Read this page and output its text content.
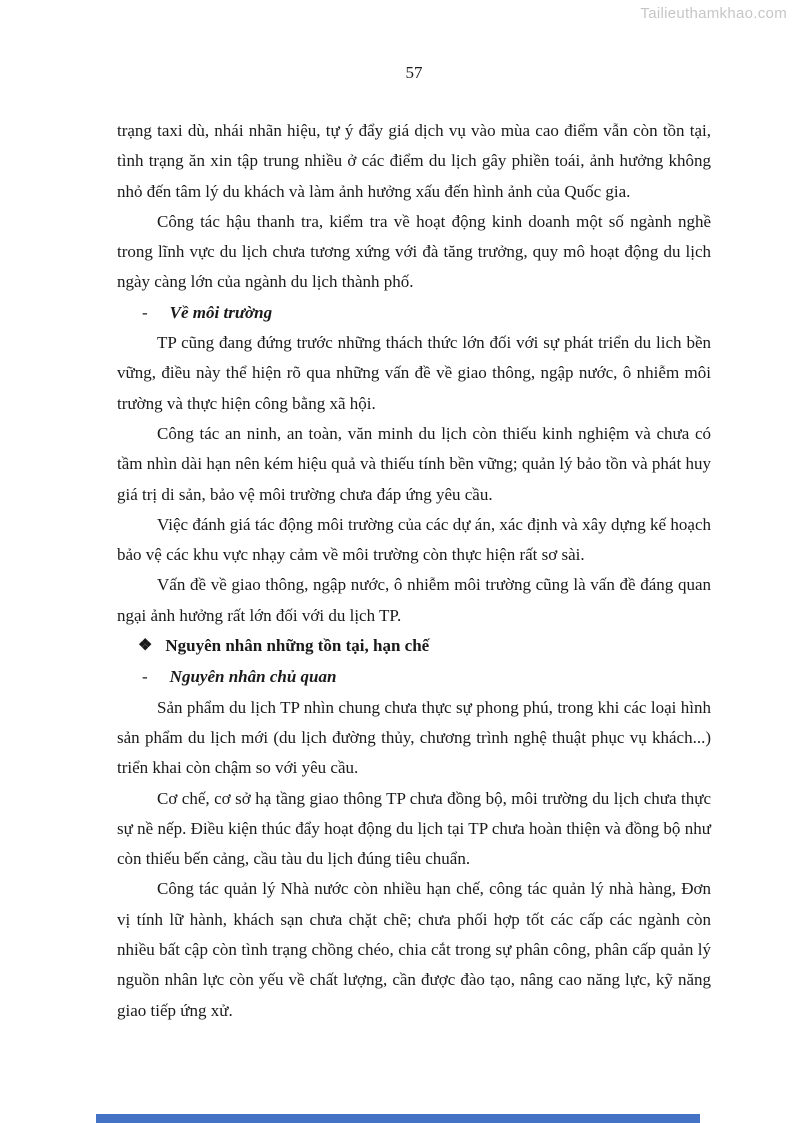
Tailieuthamkhao.com
57

trạng taxi dù, nhái nhãn hiệu, tự ý đẩy giá dịch vụ vào mùa cao điểm vẫn còn tồn tại, tình trạng ăn xin tập trung nhiều ở các điểm du lịch gây phiền toái, ảnh hưởng không nhỏ đến tâm lý du khách và làm ảnh hưởng xấu đến hình ảnh của Quốc gia.

Công tác hậu thanh tra, kiểm tra về hoạt động kinh doanh một số ngành nghề trong lĩnh vực du lịch chưa tương xứng với đà tăng trưởng, quy mô hoạt động du lịch ngày càng lớn của ngành du lịch thành phố.

- Về môi trường

TP cũng đang đứng trước những thách thức lớn đối với sự phát triển du lich bền vững, điều này thể hiện rõ qua những vấn đề về giao thông, ngập nước, ô nhiễm môi trường và thực hiện công bằng xã hội.

Công tác an ninh, an toàn, văn minh du lịch còn thiếu kinh nghiệm và chưa có tầm nhìn dài hạn nên kém hiệu quả và thiếu tính bền vững; quản lý bảo tồn và phát huy giá trị di sản, bảo vệ môi trường chưa đáp ứng yêu cầu.

Việc đánh giá tác động môi trường của các dự án, xác định và xây dựng kế hoạch bảo vệ các khu vực nhạy cảm về môi trường còn thực hiện rất sơ sài.

Vấn đề về giao thông, ngập nước, ô nhiễm môi trường cũng là vấn đề đáng quan ngại ảnh hưởng rất lớn đối với du lịch TP.

❖ Nguyên nhân những tồn tại, hạn chế
- Nguyên nhân chủ quan

Sản phẩm du lịch TP nhìn chung chưa thực sự phong phú, trong khi các loại hình sản phẩm du lịch mới (du lịch đường thủy, chương trình nghệ thuật phục vụ khách...) triển khai còn chậm so với yêu cầu.

Cơ chế, cơ sở hạ tầng giao thông TP chưa đồng bộ, môi trường du lịch chưa thực sự nề nếp. Điều kiện thúc đẩy hoạt động du lịch tại TP chưa hoàn thiện và đồng bộ như còn thiếu bến cảng, cầu tàu du lịch đúng tiêu chuẩn.

Công tác quản lý Nhà nước còn nhiều hạn chế, công tác quản lý nhà hàng, Đơn vị tính lữ hành, khách sạn chưa chặt chẽ; chưa phối hợp tốt các cấp các ngành còn nhiều bất cập còn tình trạng chồng chéo, chia cắt trong sự phân công, phân cấp quản lý nguồn nhân lực còn yếu về chất lượng, cần được đào tạo, nâng cao năng lực, kỹ năng giao tiếp ứng xử.
